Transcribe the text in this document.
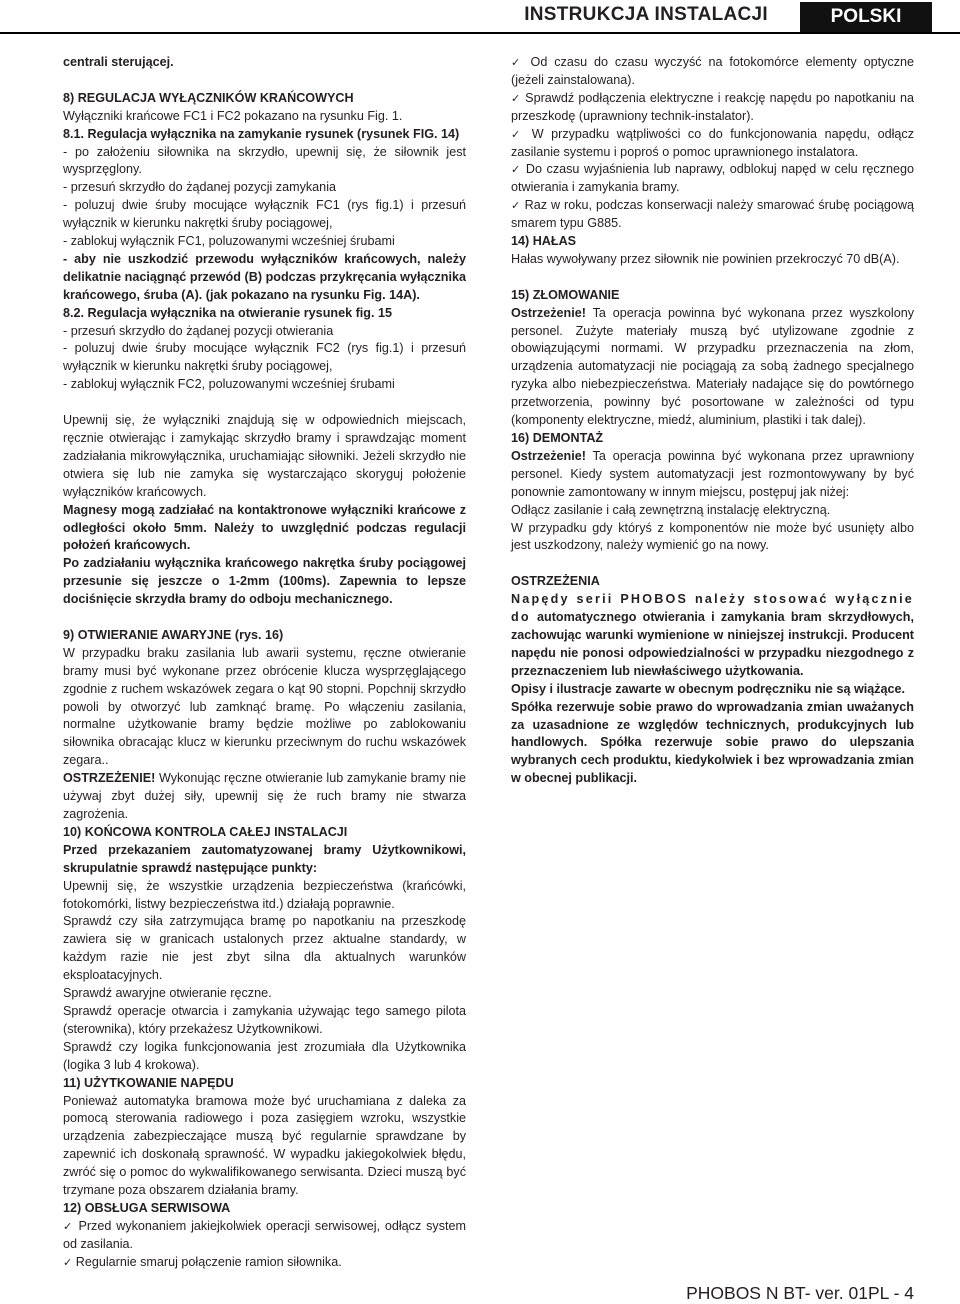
INSTRUKCJA INSTALACJI	POLSKI

centrali sterującej.

8) REGULACJA WYŁĄCZNIKÓW KRAŃCOWYCH

Wyłączniki krańcowe FC1 i FC2 pokazano na rysunku Fig. 1.

8.1. Regulacja wyłącznika na zamykanie rysunek (rysunek FIG. 14)

- po założeniu siłownika na skrzydło, upewnij się, że siłownik jest wysprzęglony.

- przesuń skrzydło do żądanej pozycji zamykania

- poluzuj dwie śruby mocujące wyłącznik FC1 (rys fig.1) i przesuń wyłącznik w kierunku nakrętki śruby pociągowej,

- zablokuj wyłącznik FC1, poluzowanymi wcześniej śrubami

- aby nie uszkodzić przewodu wyłączników krańcowych, należy delikatnie naciągnąć przewód (B) podczas przykręcania wyłącznika krańcowego, śruba (A). (jak pokazano na rysunku Fig. 14A).

8.2. Regulacja wyłącznika na otwieranie rysunek fig. 15

- przesuń skrzydło do żądanej pozycji otwierania

- poluzuj dwie śruby mocujące wyłącznik FC2 (rys fig.1) i przesuń wyłącznik w kierunku nakrętki śruby pociągowej,

- zablokuj wyłącznik FC2, poluzowanymi wcześniej śrubami

Upewnij się, że wyłączniki znajdują się w odpowiednich miejscach, ręcznie otwierając i zamykając skrzydło bramy i sprawdzając moment zadziałania mikrowyłącznika, uruchamiając siłowniki. Jeżeli skrzydło nie otwiera się lub nie zamyka się wystarczająco skoryguj położenie wyłączników krańcowych.

Magnesy mogą zadziałać na kontaktronowe wyłączniki krańcowe z odległości około 5mm. Należy to uwzględnić podczas regulacji położeń krańcowych.

Po zadziałaniu wyłącznika krańcowego nakrętka śruby pociągowej przesunie się jeszcze o 1-2mm (100ms). Zapewnia to lepsze dociśnięcie skrzydła bramy do odboju mechanicznego.

9) OTWIERANIE AWARYJNE (rys. 16)

W przypadku braku zasilania lub awarii systemu, ręczne otwieranie bramy musi być wykonane przez obrócenie klucza wysprzęglającego zgodnie z ruchem wskazówek zegara o kąt 90 stopni. Popchnij skrzydło powoli by otworzyć lub zamknąć bramę. Po włączeniu zasilania, normalne użytkowanie bramy będzie możliwe po zablokowaniu siłownika obracając klucz w kierunku przeciwnym do ruchu wskazówek zegara..

OSTRZEŻENIE! Wykonując ręczne otwieranie lub zamykanie bramy nie używaj zbyt dużej siły, upewnij się że ruch bramy nie stwarza zagrożenia.

10) KOŃCOWA KONTROLA CAŁEJ INSTALACJI

Przed przekazaniem zautomatyzowanej bramy Użytkownikowi, skrupulatnie sprawdź następujące punkty:

Upewnij się, że wszystkie urządzenia bezpieczeństwa (krańcówki, fotokomórki, listwy bezpieczeństwa itd.) działają poprawnie.

Sprawdź czy siła zatrzymująca bramę po napotkaniu na przeszkodę zawiera się w granicach ustalonych przez aktualne standardy, w każdym razie nie jest zbyt silna dla aktualnych warunków eksploatacyjnych.

Sprawdź awaryjne otwieranie ręczne.

Sprawdź operacje otwarcia i zamykania używając tego samego pilota (sterownika), który przekażesz Użytkownikowi.

Sprawdź czy logika funkcjonowania jest zrozumiała dla Użytkownika (logika 3 lub 4 krokowa).

11) UŻYTKOWANIE NAPĘDU

Ponieważ automatyka bramowa może być uruchamiana z daleka za pomocą sterowania radiowego i poza zasięgiem wzroku, wszystkie urządzenia zabezpieczające muszą być regularnie sprawdzane by zapewnić ich doskonałą sprawność. W wypadku jakiegokolwiek błędu, zwróć się o pomoc do wykwalifikowanego serwisanta. Dzieci muszą być trzymane poza obszarem działania bramy.

12) OBSŁUGA SERWISOWA

✓ Przed wykonaniem jakiejkolwiek operacji serwisowej, odłącz system od zasilania.

✓ Regularnie smaruj połączenie ramion siłownika.

✓ Od czasu do czasu wyczyść na fotokomórce elementy optyczne (jeżeli zainstalowana).

✓ Sprawdź podłączenia elektryczne i reakcję napędu po napotkaniu na przeszkodę (uprawniony technik-instalator).

✓ W przypadku wątpliwości co do funkcjonowania napędu, odłącz zasilanie systemu i poproś o pomoc uprawnionego instalatora.

✓ Do czasu wyjaśnienia lub naprawy, odblokuj napęd w celu ręcznego otwierania i zamykania bramy.

✓ Raz w roku, podczas konserwacji należy smarować śrubę pociągową smarem typu G885.

14) HAŁAS

Hałas wywoływany przez siłownik nie powinien przekroczyć 70 dB(A).

15) ZŁOMOWANIE

Ostrzeżenie! Ta operacja powinna być wykonana przez wyszkolony personel. Zużyte materiały muszą być utylizowane zgodnie z obowiązującymi normami. W przypadku przeznaczenia na złom, urządzenia automatyzacji nie pociągają za sobą żadnego specjalnego ryzyka albo niebezpieczeństwa. Materiały nadające się do powtórnego przetworzenia, powinny być posortowane w zależności od typu (komponenty elektryczne, miedź, aluminium, plastiki i tak dalej).

16) DEMONTAŻ

Ostrzeżenie! Ta operacja powinna być wykonana przez uprawniony personel. Kiedy system automatyzacji jest rozmontowywany by być ponownie zamontowany w innym miejscu, postępuj jak niżej:

Odłącz zasilanie i całą zewnętrzną instalację elektryczną.

W przypadku gdy któryś z komponentów nie może być usunięty albo jest uszkodzony, należy wymienić go na nowy.

OSTRZEŻENIA

Napędy serii PHOBOS należy stosować wyłącznie do automatycznego otwierania i zamykania bram skrzydłowych, zachowując warunki wymienione w niniejszej instrukcji. Producent napędu nie ponosi odpowiedzialności w przypadku niezgodnego z przeznaczeniem lub niewłaściwego użytkowania.

Opisy i ilustracje zawarte w obecnym podręczniku nie są wiążące.

Spółka rezerwuje sobie prawo do wprowadzania zmian uważanych za uzasadnione ze względów technicznych, produkcyjnych lub handlowych. Spółka rezerwuje sobie prawo do ulepszania wybranych cech produktu, kiedykolwiek i bez wprowadzania zmian w obecnej publikacji.

PHOBOS N BT- ver. 01PL - 4
